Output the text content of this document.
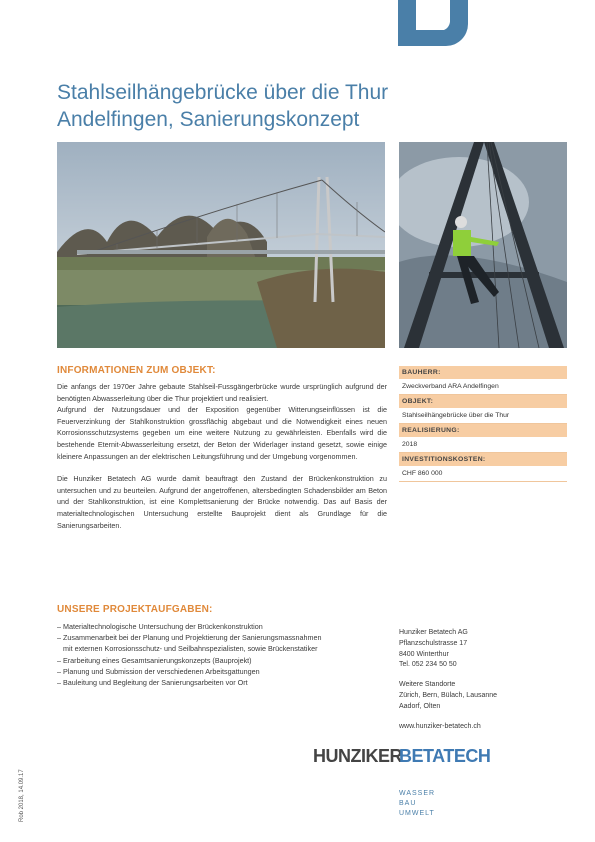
Stahlseilhängebrücke über die Thur
Andelfingen, Sanierungskonzept
INFORMATIONEN ZUM OBJEKT:

Die anfangs der 1970er Jahre gebaute Stahlseil-Fussgängerbrücke wurde ursprünglich aufgrund der benötigten Abwasserleitung über die Thur projektiert und realisiert.

Aufgrund der Nutzungsdauer und der Exposition gegenüber Witterungseinflüssen ist die Feuerverzinkung der Stahlkonstruktion grossflächig abgebaut und die Notwendigkeit eines neuen Korrosionsschutzsystems gegeben um eine weitere Nutzung zu gewährleisten. Ebenfalls wird die bestehende Eternit-Abwasserleitung ersetzt, der Beton der Widerlager instand gesetzt, sowie einige kleinere Anpassungen an der elektrischen Leitungsführung und der Umgebung vorgenommen.

Die Hunziker Betatech AG wurde damit beauftragt den Zustand der Brückenkonstruktion zu untersuchen und zu beurteilen. Aufgrund der angetroffenen, altersbedingten Schadensbilder am Beton und der Stahlkonstruktion, ist eine Komplettsanierung der Brücke notwendig. Das auf Basis der materialtechnologischen Untersuchung erstellte Bauprojekt dient als Grundlage für die Sanierungsarbeiten.

BAUHERR:
Zweckverband ARA Andelfingen
OBJEKT:
Stahlseilhängebrücke über die Thur
REALISIERUNG:
2018
INVESTITIONSKOSTEN:
CHF 860 000
UNSERE PROJEKTAUFGABEN:
– Materialtechnologische Untersuchung der Brückenkonstruktion
– Zusammenarbeit bei der Planung und Projektierung der Sanierungsmassnahmen
mit externen Korrosionsschutz- und Seilbahnspezialisten, sowie Brückenstatiker
– Erarbeitung eines Gesamtsanierungskonzepts (Bauprojekt)
– Planung und Submission der verschiedenen Arbeitsgattungen
– Bauleitung und Begleitung der Sanierungsarbeiten vor Ort
Hunziker Betatech AG
Pflanzschulstrasse 17
8400 Winterthur
Tel. 052 234 50 50
Weitere Standorte
Zürich, Bern, Bülach, Lausanne
Aadorf, Olten
www.hunziker-betatech.ch
HUNZIKER
BETATECH
WASSER
BAU
UMWELT
Rob 2018, 14.09.17
